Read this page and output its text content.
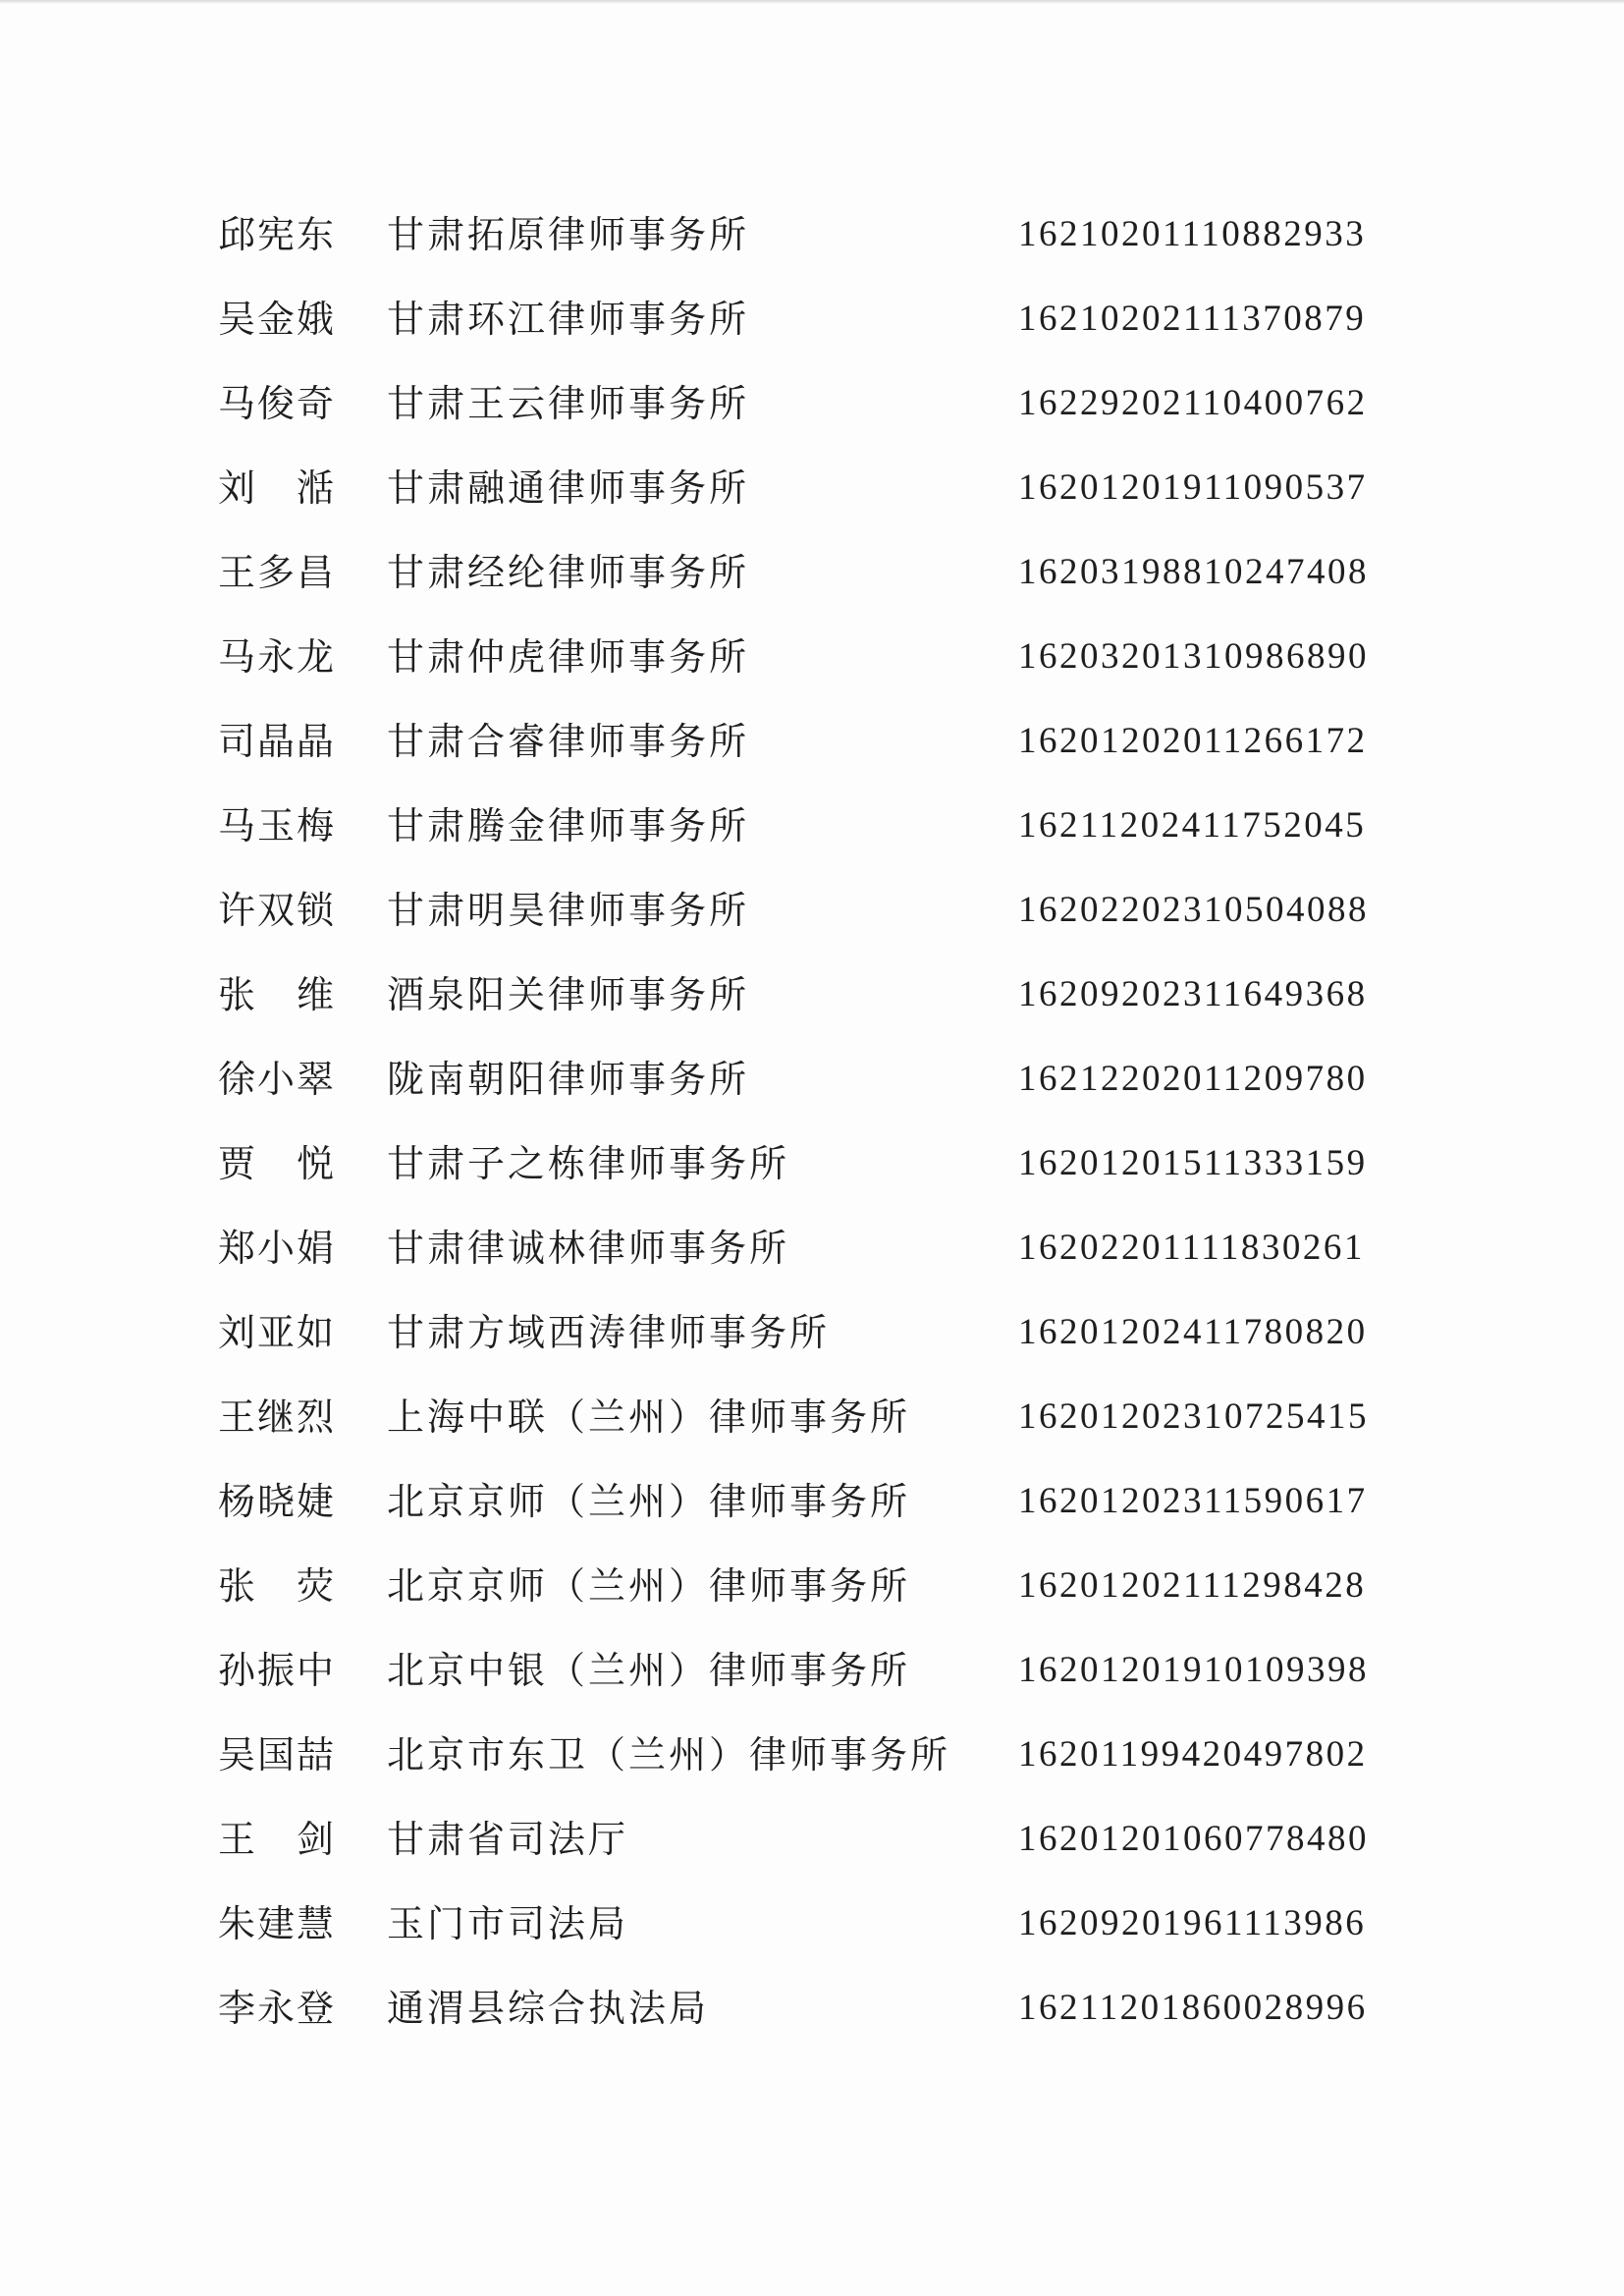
邱宪东	甘肃拓原律师事务所	16210201110882933
吴金娥	甘肃环江律师事务所	16210202111370879
马俊奇	甘肃王云律师事务所	16229202110400762
刘　湉	甘肃融通律师事务所	16201201911090537
王多昌	甘肃经纶律师事务所	16203198810247408
马永龙	甘肃仲虎律师事务所	16203201310986890
司晶晶	甘肃合睿律师事务所	16201202011266172
马玉梅	甘肃腾金律师事务所	16211202411752045
许双锁	甘肃明昊律师事务所	16202202310504088
张　维	酒泉阳关律师事务所	16209202311649368
徐小翠	陇南朝阳律师事务所	16212202011209780
贾　悦	甘肃子之栋律师事务所	16201201511333159
郑小娟	甘肃律诚林律师事务所	16202201111830261
刘亚如	甘肃方域西涛律师事务所	16201202411780820
王继烈	上海中联（兰州）律师事务所	16201202310725415
杨晓婕	北京京师（兰州）律师事务所	16201202311590617
张　荧	北京京师（兰州）律师事务所	16201202111298428
孙振中	北京中银（兰州）律师事务所	16201201910109398
吴国喆	北京市东卫（兰州）律师事务所	16201199420497802
王　剑	甘肃省司法厅	16201201060778480
朱建慧	玉门市司法局	16209201961113986
李永登	通渭县综合执法局	16211201860028996
